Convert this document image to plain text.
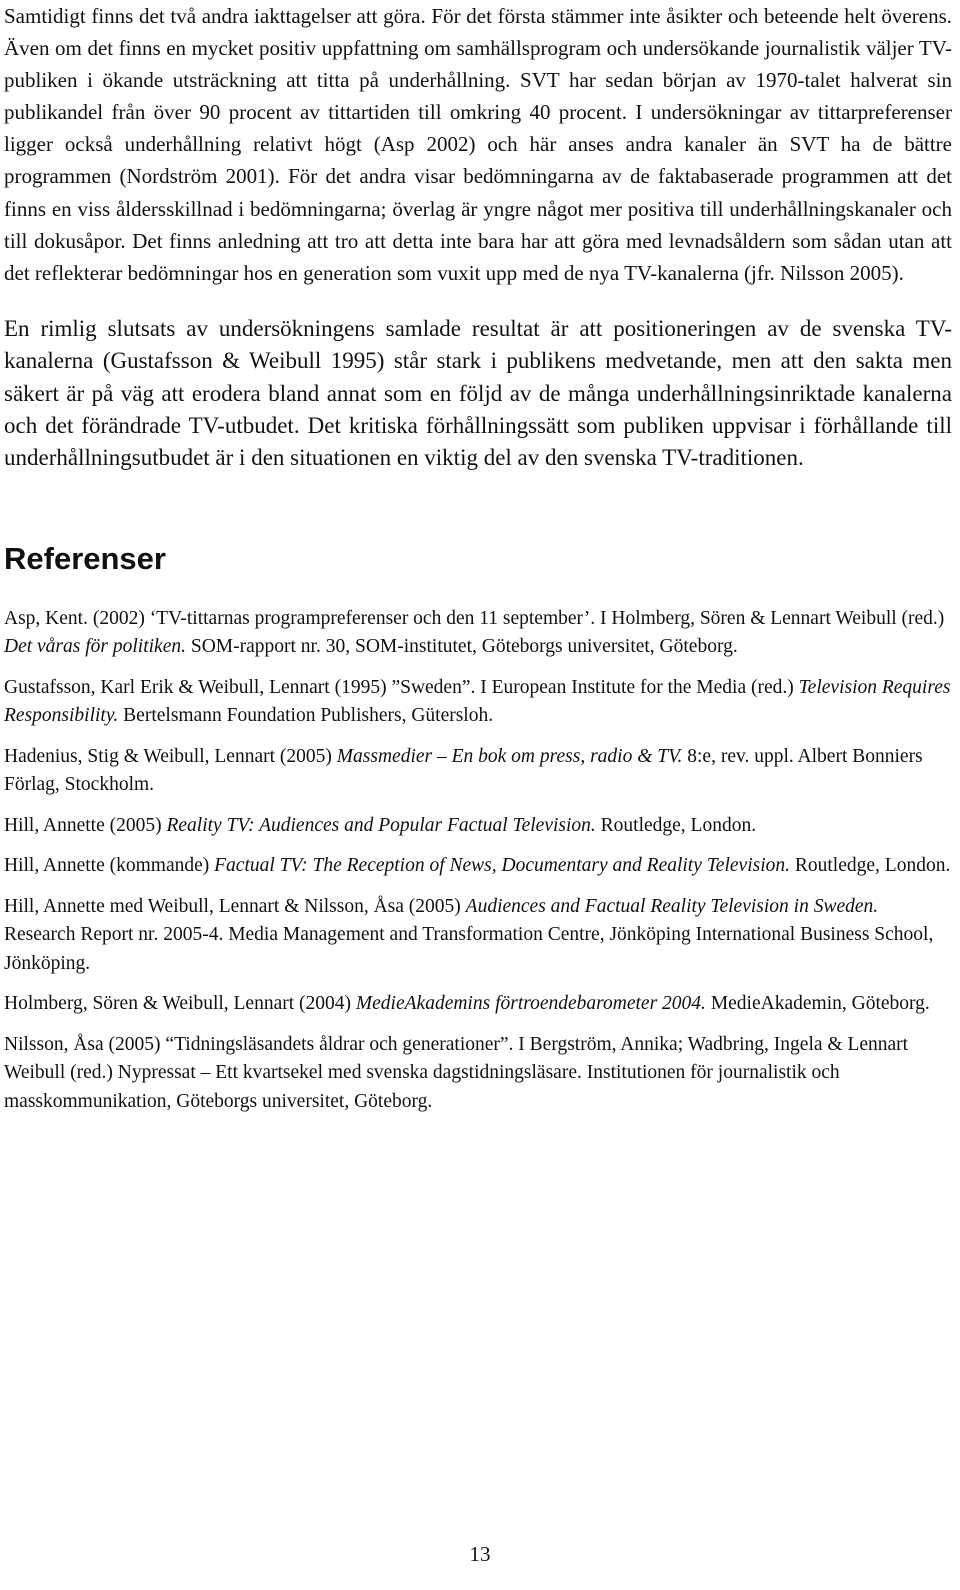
Samtidigt finns det två andra iakttagelser att göra. För det första stämmer inte åsikter och beteende helt överens. Även om det finns en mycket positiv uppfattning om samhällsprogram och undersökande journalistik väljer TV-publiken i ökande utsträckning att titta på underhållning. SVT har sedan början av 1970-talet halverat sin publikandel från över 90 procent av tittartiden till omkring 40 procent. I undersökningar av tittarpreferenser ligger också underhållning relativt högt (Asp 2002) och här anses andra kanaler än SVT ha de bättre programmen (Nordström 2001). För det andra visar bedömningarna av de faktabaserade programmen att det finns en viss åldersskillnad i bedömningarna; överlag är yngre något mer positiva till underhållningskanaler och till dokusåpor. Det finns anledning att tro att detta inte bara har att göra med levnadsåldern som sådan utan att det reflekterar bedömningar hos en generation som vuxit upp med de nya TV-kanalerna (jfr. Nilsson 2005).

En rimlig slutsats av undersökningens samlade resultat är att positioneringen av de svenska TV-kanalerna (Gustafsson & Weibull 1995) står stark i publikens medvetande, men att den sakta men säkert är på väg att erodera bland annat som en följd av de många underhållningsinriktade kanalerna och det förändrade TV-utbudet. Det kritiska förhållningssätt som publiken uppvisar i förhållande till underhållningsutbudet är i den situationen en viktig del av den svenska TV-traditionen.

Referenser
Asp, Kent. (2002) ‘TV-tittarnas programpreferenser och den 11 september’. I Holmberg, Sören & Lennart Weibull (red.) Det våras för politiken. SOM-rapport nr. 30, SOM-institutet, Göteborgs universitet, Göteborg.
Gustafsson, Karl Erik & Weibull, Lennart (1995) ”Sweden”. I European Institute for the Media (red.) Television Requires Responsibility. Bertelsmann Foundation Publishers, Gütersloh.
Hadenius, Stig & Weibull, Lennart (2005) Massmedier – En bok om press, radio & TV. 8:e, rev. uppl. Albert Bonniers Förlag, Stockholm.
Hill, Annette (2005) Reality TV: Audiences and Popular Factual Television. Routledge, London.
Hill, Annette (kommande) Factual TV: The Reception of News, Documentary and Reality Television. Routledge, London.
Hill, Annette med Weibull, Lennart & Nilsson, Åsa (2005) Audiences and Factual Reality Television in Sweden. Research Report nr. 2005-4. Media Management and Transformation Centre, Jönköping International Business School, Jönköping.
Holmberg, Sören & Weibull, Lennart (2004) MedieAkademins förtroendebarometer 2004. MedieAkademin, Göteborg.
Nilsson, Åsa (2005) “Tidningsläsandets åldrar och generationer”. I Bergström, Annika; Wadbring, Ingela & Lennart Weibull (red.) Nypressat – Ett kvartsekel med svenska dagstidningsläsare. Institutionen för journalistik och masskommunikation, Göteborgs universitet, Göteborg.
13
